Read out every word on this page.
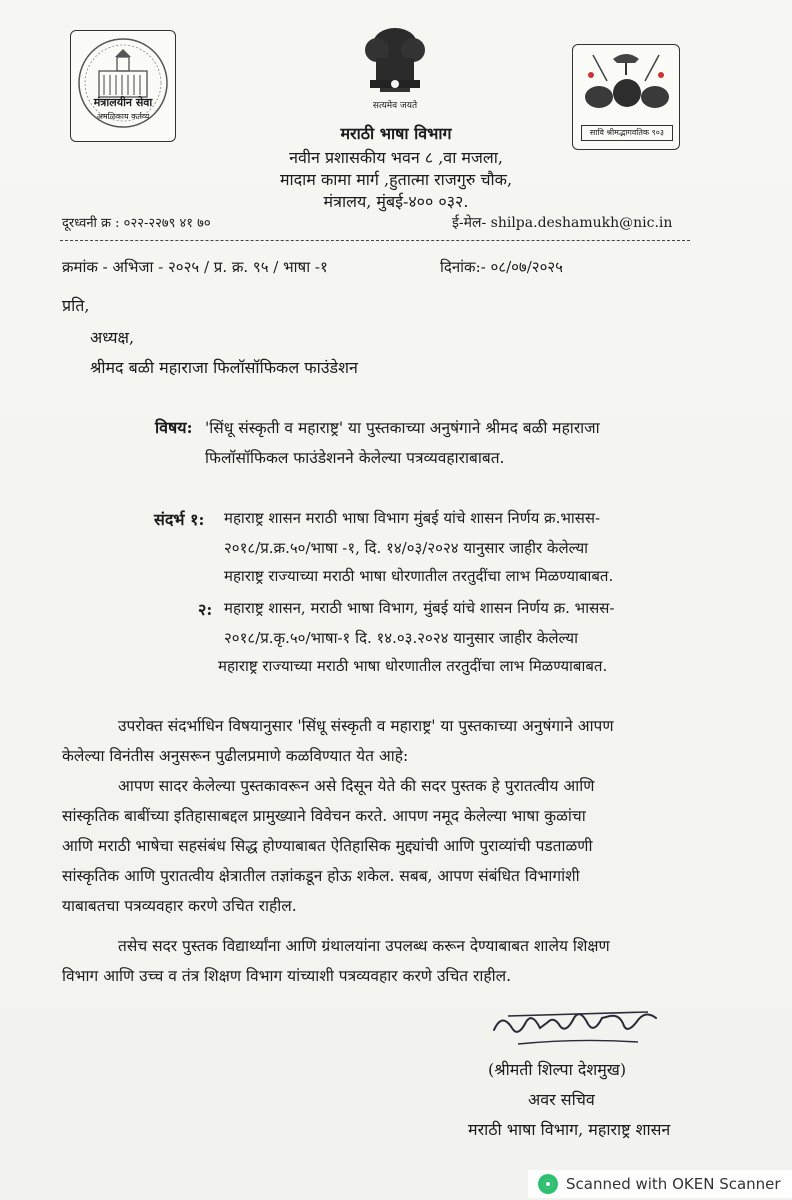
मंत्रालयीन सेवा
अमळिकाय कर्तव्य
सत्यमेव जयते
सावि श्रीमद्भागवतिक ९०३
मराठी भाषा विभाग
नवीन प्रशासकीय भवन ८ ,वा मजला,
मादाम कामा मार्ग ,हुतात्मा राजगुरु चौक,
मंत्रालय, मुंबई-४०० ०३२.
दूरध्वनी क्र : ०२२-२२७९ ४१ ७०	ई-मेल- shilpa.deshamukh@nic.in
क्रमांक - अभिजा - २०२५ / प्र. क्र. ९५ / भाषा -१	दिनांक:- ०८/०७/२०२५
प्रति,
अध्यक्ष,
श्रीमद बळी महाराजा फिलॉसॉफिकल फाउंडेशन
विषय: 'सिंधू संस्कृती व महाराष्ट्र' या पुस्तकाच्या अनुषंगाने श्रीमद बळी महाराजा
फिलॉसॉफिकल फाउंडेशनने केलेल्या पत्रव्यवहाराबाबत.
संदर्भ १: महाराष्ट्र शासन मराठी भाषा विभाग मुंबई यांचे शासन निर्णय क्र.भासस-
२०१८/प्र.क्र.५०/भाषा -१, दि. १४/०३/२०२४ यानुसार जाहीर केलेल्या
महाराष्ट्र राज्याच्या मराठी भाषा धोरणातील तरतुदींचा लाभ मिळण्याबाबत.
२: महाराष्ट्र शासन, मराठी भाषा विभाग, मुंबई यांचे शासन निर्णय क्र. भासस-
२०१८/प्र.कृ.५०/भाषा-१ दि. १४.०३.२०२४ यानुसार जाहीर केलेल्या
महाराष्ट्र राज्याच्या मराठी भाषा धोरणातील तरतुदींचा लाभ मिळण्याबाबत.
उपरोक्त संदर्भाधिन विषयानुसार 'सिंधू संस्कृती व महाराष्ट्र' या पुस्तकाच्या अनुषंगाने आपण
केलेल्या विनंतीस अनुसरून पुढीलप्रमाणे कळविण्यात येत आहे:
आपण सादर केलेल्या पुस्तकावरून असे दिसून येते की सदर पुस्तक हे पुरातत्वीय आणि
सांस्कृतिक बाबींच्या इतिहासाबद्दल प्रामुख्याने विवेचन करते. आपण नमूद केलेल्या भाषा कुळांचा
आणि मराठी भाषेचा सहसंबंध सिद्ध होण्याबाबत ऐतिहासिक मुद्द्यांची आणि पुराव्यांची पडताळणी
सांस्कृतिक आणि पुरातत्वीय क्षेत्रातील तज्ञांकडून होऊ शकेल. सबब, आपण संबंधित विभागांशी
याबाबतचा पत्रव्यवहार करणे उचित राहील.
तसेच सदर पुस्तक विद्यार्थ्यांना आणि ग्रंथालयांना उपलब्ध करून देण्याबाबत शालेय शिक्षण
विभाग आणि उच्च व तंत्र शिक्षण विभाग यांच्याशी पत्रव्यवहार करणे उचित राहील.
(श्रीमती शिल्पा देशमुख)
अवर सचिव
मराठी भाषा विभाग, महाराष्ट्र शासन
Scanned with OKEN Scanner
